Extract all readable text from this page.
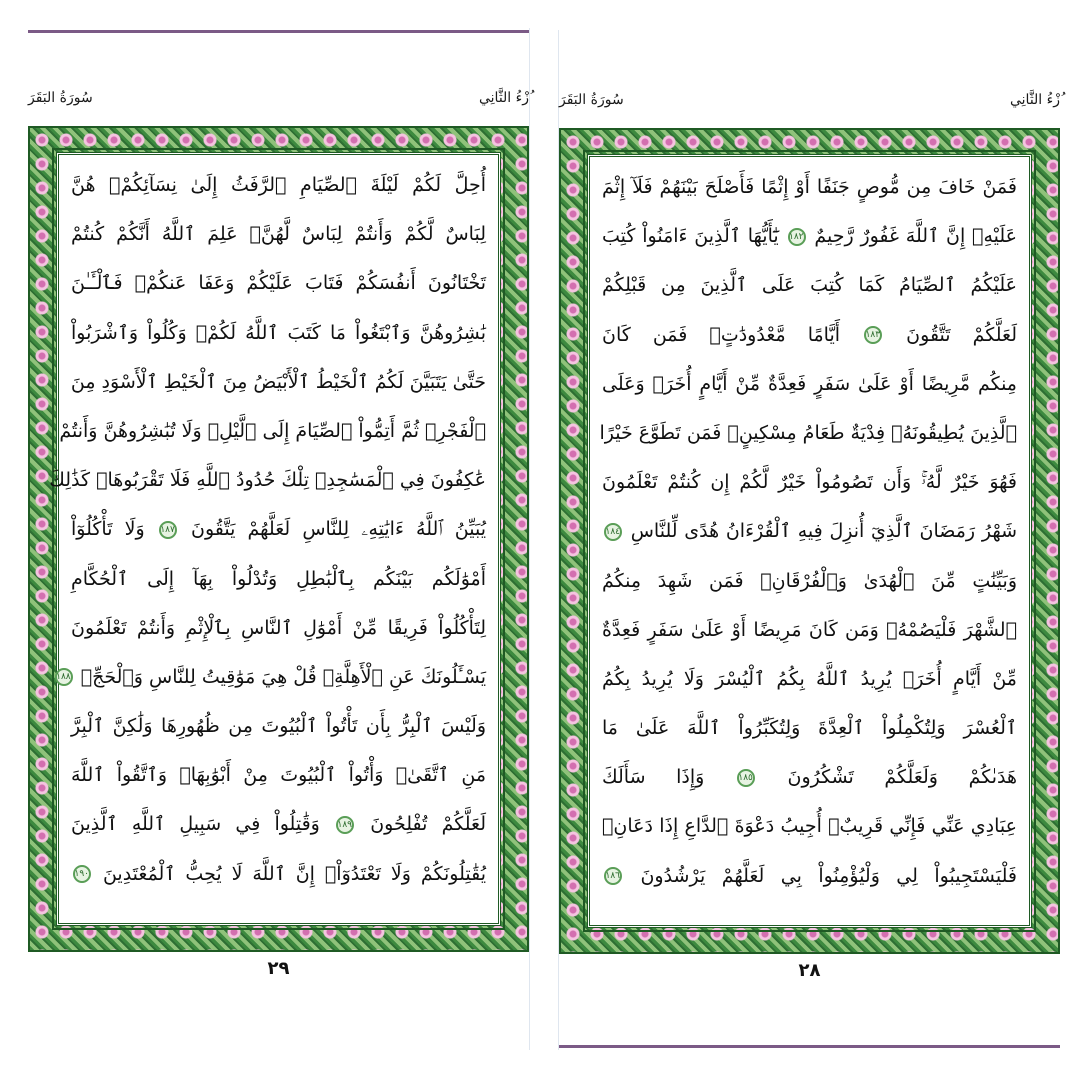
سُورَةُ البَقَرَ	ُزْءُ الثَّانِي
أُحِلَّ لَكُمْ لَيْلَةَ ٱلصِّيَامِ ٱلرَّفَثُ إِلَىٰ نِسَآئِكُمْۚ هُنَّ
لِبَاسٌ لَّكُمْ وَأَنتُمْ لِبَاسٌ لَّهُنَّۗ عَلِمَ ٱللَّهُ أَنَّكُمْ كُنتُمْ
تَخْتَانُونَ أَنفُسَكُمْ فَتَابَ عَلَيْكُمْ وَعَفَا عَنكُمْۖ فَٱلْـَٔـٰنَ
بَٰشِرُوهُنَّ وَٱبْتَغُواْ مَا كَتَبَ ٱللَّهُ لَكُمْۚ وَكُلُواْ وَٱشْرَبُواْ
حَتَّىٰ يَتَبَيَّنَ لَكُمُ ٱلْخَيْطُ ٱلْأَبْيَضُ مِنَ ٱلْخَيْطِ ٱلْأَسْوَدِ مِنَ
ٱلْفَجْرِۖ ثُمَّ أَتِمُّواْ ٱلصِّيَامَ إِلَى ٱلَّيْلِۚ وَلَا تُبَٰشِرُوهُنَّ وَأَنتُمْ
عَٰكِفُونَ فِي ٱلْمَسَٰجِدِۗ تِلْكَ حُدُودُ ٱللَّهِ فَلَا تَقْرَبُوهَاۗ كَذَٰلِكَ
يُبَيِّنُ ٱللَّهُ ءَايَٰتِهِۦ لِلنَّاسِ لَعَلَّهُمْ يَتَّقُونَ ١٨٧ وَلَا تَأْكُلُوٓاْ
أَمْوَٰلَكُم بَيْنَكُم بِٱلْبَٰطِلِ وَتُدْلُواْ بِهَآ إِلَى ٱلْحُكَّامِ
لِتَأْكُلُواْ فَرِيقًا مِّنْ أَمْوَٰلِ ٱلنَّاسِ بِٱلْإِثْمِ وَأَنتُمْ تَعْلَمُونَ
يَسْـَٔلُونَكَ عَنِ ٱلْأَهِلَّةِۖ قُلْ هِيَ مَوَٰقِيتُ لِلنَّاسِ وَٱلْحَجِّۗ ١٨٨
وَلَيْسَ ٱلْبِرُّ بِأَن تَأْتُواْ ٱلْبُيُوتَ مِن ظُهُورِهَا وَلَٰكِنَّ ٱلْبِرَّ
مَنِ ٱتَّقَىٰۗ وَأْتُواْ ٱلْبُيُوتَ مِنْ أَبْوَٰبِهَاۚ وَٱتَّقُواْ ٱللَّهَ
لَعَلَّكُمْ تُفْلِحُونَ ١٨٩ وَقَٰتِلُواْ فِي سَبِيلِ ٱللَّهِ ٱلَّذِينَ
يُقَٰتِلُونَكُمْ وَلَا تَعْتَدُوٓاْۚ إِنَّ ٱللَّهَ لَا يُحِبُّ ٱلْمُعْتَدِينَ ١٩٠
٢٩
سُورَةُ البَقَرَ	ُزْءُ الثَّانِي
فَمَنْ خَافَ مِن مُّوصٍ جَنَفًا أَوْ إِثْمًا فَأَصْلَحَ بَيْنَهُمْ فَلَآ إِثْمَ
عَلَيْهِۚ إِنَّ ٱللَّهَ غَفُورٌ رَّحِيمٌ ١٨٢ يَٰٓأَيُّهَا ٱلَّذِينَ ءَامَنُواْ كُتِبَ
عَلَيْكُمُ ٱلصِّيَامُ كَمَا كُتِبَ عَلَى ٱلَّذِينَ مِن قَبْلِكُمْ
لَعَلَّكُمْ تَتَّقُونَ ١٨٣ أَيَّامًا مَّعْدُودَٰتٍۚ فَمَن كَانَ
مِنكُم مَّرِيضًا أَوْ عَلَىٰ سَفَرٍ فَعِدَّةٌ مِّنْ أَيَّامٍ أُخَرَۚ وَعَلَى
ٱلَّذِينَ يُطِيقُونَهُۥ فِدْيَةٌ طَعَامُ مِسْكِينٍۖ فَمَن تَطَوَّعَ خَيْرًا
فَهُوَ خَيْرٌ لَّهُۥۚ وَأَن تَصُومُواْ خَيْرٌ لَّكُمْ إِن كُنتُمْ تَعْلَمُونَ
شَهْرُ رَمَضَانَ ٱلَّذِيٓ أُنزِلَ فِيهِ ٱلْقُرْءَانُ هُدًى لِّلنَّاسِ ١٨٤
وَبَيِّنَٰتٍ مِّنَ ٱلْهُدَىٰ وَٱلْفُرْقَانِۚ فَمَن شَهِدَ مِنكُمُ
ٱلشَّهْرَ فَلْيَصُمْهُۖ وَمَن كَانَ مَرِيضًا أَوْ عَلَىٰ سَفَرٍ فَعِدَّةٌ
مِّنْ أَيَّامٍ أُخَرَۗ يُرِيدُ ٱللَّهُ بِكُمُ ٱلْيُسْرَ وَلَا يُرِيدُ بِكُمُ
ٱلْعُسْرَ وَلِتُكْمِلُواْ ٱلْعِدَّةَ وَلِتُكَبِّرُواْ ٱللَّهَ عَلَىٰ مَا
هَدَىٰكُمْ وَلَعَلَّكُمْ تَشْكُرُونَ ١٨٥ وَإِذَا سَأَلَكَ
عِبَادِي عَنِّي فَإِنِّي قَرِيبٌۖ أُجِيبُ دَعْوَةَ ٱلدَّاعِ إِذَا دَعَانِۖ
فَلْيَسْتَجِيبُواْ لِي وَلْيُؤْمِنُواْ بِي لَعَلَّهُمْ يَرْشُدُونَ ١٨٦
٢٨
